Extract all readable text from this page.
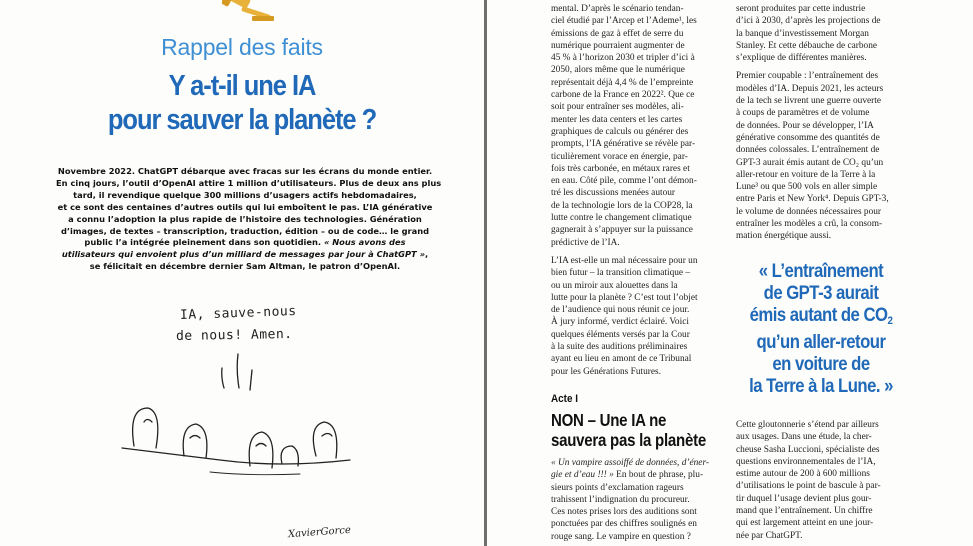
Rappel des faits
Y a-t-il une IA
pour sauver la planète ?

Novembre 2022. ChatGPT débarque avec fracas sur les écrans du monde entier.

En cinq jours, l’outil d’OpenAI attire 1 million d’utilisateurs. Plus de deux ans plus

tard, il revendique quelque 300 millions d’usagers actifs hebdomadaires,

et ce sont des centaines d’autres outils qui lui emboîtent le pas. L’IA générative

a connu l’adoption la plus rapide de l’histoire des technologies. Génération

d’images, de textes – transcription, traduction, édition – ou de code… le grand

public l’a intégrée pleinement dans son quotidien. « Nous avons des

utilisateurs qui envoient plus d’un milliard de messages par jour à ChatGPT »,

se félicitait en décembre dernier Sam Altman, le patron d’OpenAI.

IA, sauve-nous
de nous! Amen.
XavierGorce

mental. D’après le scénario tendan-
ciel étudié par l’Arcep et l’Ademe¹, les
émissions de gaz à effet de serre du
numérique pourraient augmenter de
45 % à l’horizon 2030 et tripler d’ici à
2050, alors même que le numérique
représentait déjà 4,4 % de l’empreinte
carbone de la France en 2022². Que ce
soit pour entraîner ses modèles, ali-
menter les data centers et les cartes
graphiques de calculs ou générer des
prompts, l’IA générative se révèle par-
ticulièrement vorace en énergie, par-
fois très carbonée, en métaux rares et
en eau. Côté pile, comme l’ont démon-
tré les discussions menées autour
de la technologie lors de la COP28, la
lutte contre le changement climatique
gagnerait à s’appuyer sur la puissance
prédictive de l’IA.

L’IA est-elle un mal nécessaire pour un
bien futur – la transition climatique –
ou un miroir aux alouettes dans la
lutte pour la planète ? C’est tout l’objet
de l’audience qui nous réunit ce jour.
À jury informé, verdict éclairé. Voici
quelques éléments versés par la Cour
à la suite des auditions préliminaires
ayant eu lieu en amont de ce Tribunal
pour les Générations Futures.

Acte I
NON – Une IA ne
sauvera pas la planète

« Un vampire assoiffé de données, d’éner-
gie et d’eau !!! » En bout de phrase, plu-
sieurs points d’exclamation rageurs
trahissent l’indignation du procureur.
Ces notes prises lors des auditions sont
ponctuées par des chiffres soulignés en
rouge sang. Le vampire en question ?

seront produites par cette industrie
d’ici à 2030, d’après les projections de
la banque d’investissement Morgan
Stanley. Et cette débauche de carbone
s’explique de différentes manières.

Premier coupable : l’entraînement des
modèles d’IA. Depuis 2021, les acteurs
de la tech se livrent une guerre ouverte
à coups de paramètres et de volume
de données. Pour se développer, l’IA
générative consomme des quantités de
données colossales. L’entraînement de
GPT-3 aurait émis autant de CO₂ qu’un
aller-retour en voiture de la Terre à la
Lune³ ou que 500 vols en aller simple
entre Paris et New York⁴. Depuis GPT-3,
le volume de données nécessaires pour
entraîner les modèles a crû, la consom-
mation énergétique aussi.

« L’entraînement
de GPT-3 aurait
émis autant de $CO_2$
qu’un aller-retour
en voiture de
la Terre à la Lune. »

Cette gloutonnerie s’étend par ailleurs
aux usages. Dans une étude, la cher-
cheuse Sasha Luccioni, spécialiste des
questions environnementales de l’IA,
estime autour de 200 à 600 millions
d’utilisations le point de bascule à par-
tir duquel l’usage devient plus gour-
mand que l’entraînement. Un chiffre
qui est largement atteint en une jour-
née par ChatGPT.
